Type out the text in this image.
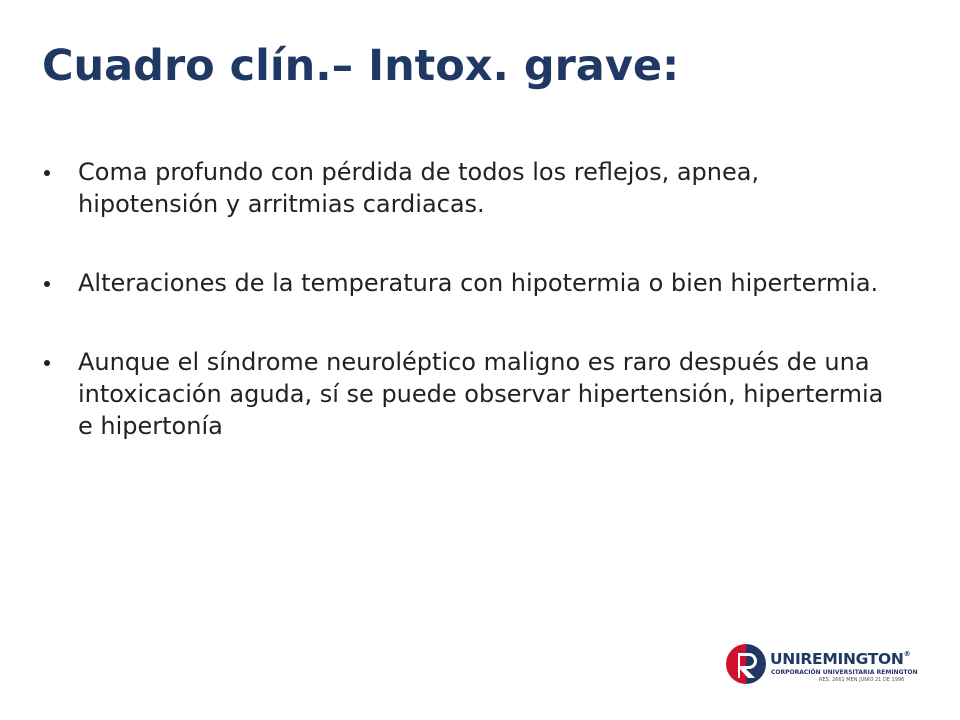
Cuadro clín.– Intox. grave:
Coma profundo con pérdida de todos los reflejos, apnea, hipotensión y arritmias cardiacas.
Alteraciones de la temperatura con hipotermia o bien hipertermia.
Aunque el síndrome neuroléptico maligno es raro después de una intoxicación aguda, sí se puede observar hipertensión, hipertermia e hipertonía
UNIREMINGTON®
CORPORACIÓN UNIVERSITARIA REMINGTON
RES. 2661 MEN JUNIO 21 DE 1996
